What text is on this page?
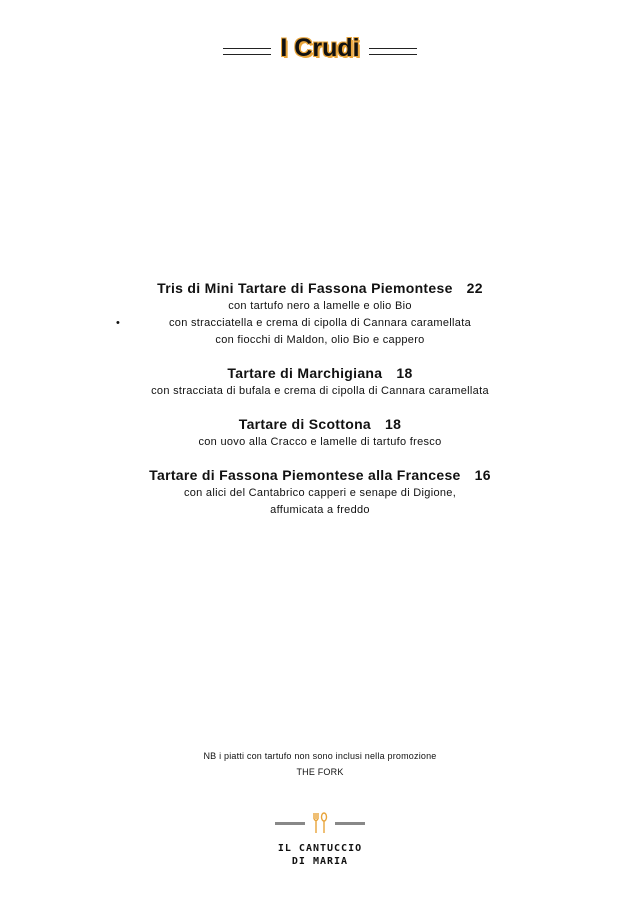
I Crudi
Tris di Mini Tartare di Fassona Piemontese 22
con tartufo nero a lamelle e olio Bio
•	con stracciatella e crema di cipolla di Cannara caramellata
con fiocchi di Maldon, olio Bio e cappero
Tartare di Marchigiana 18
con stracciata di bufala e crema di cipolla di Cannara caramellata
Tartare di Scottona 18
con uovo alla Cracco e lamelle di tartufo fresco
Tartare di Fassona Piemontese alla Francese 16
con alici del Cantabrico capperi e senape di Digione, affumicata a freddo
NB i piatti con tartufo non sono inclusi nella promozione
THE FORK
IL CANTUCCIO
DI MARIA
